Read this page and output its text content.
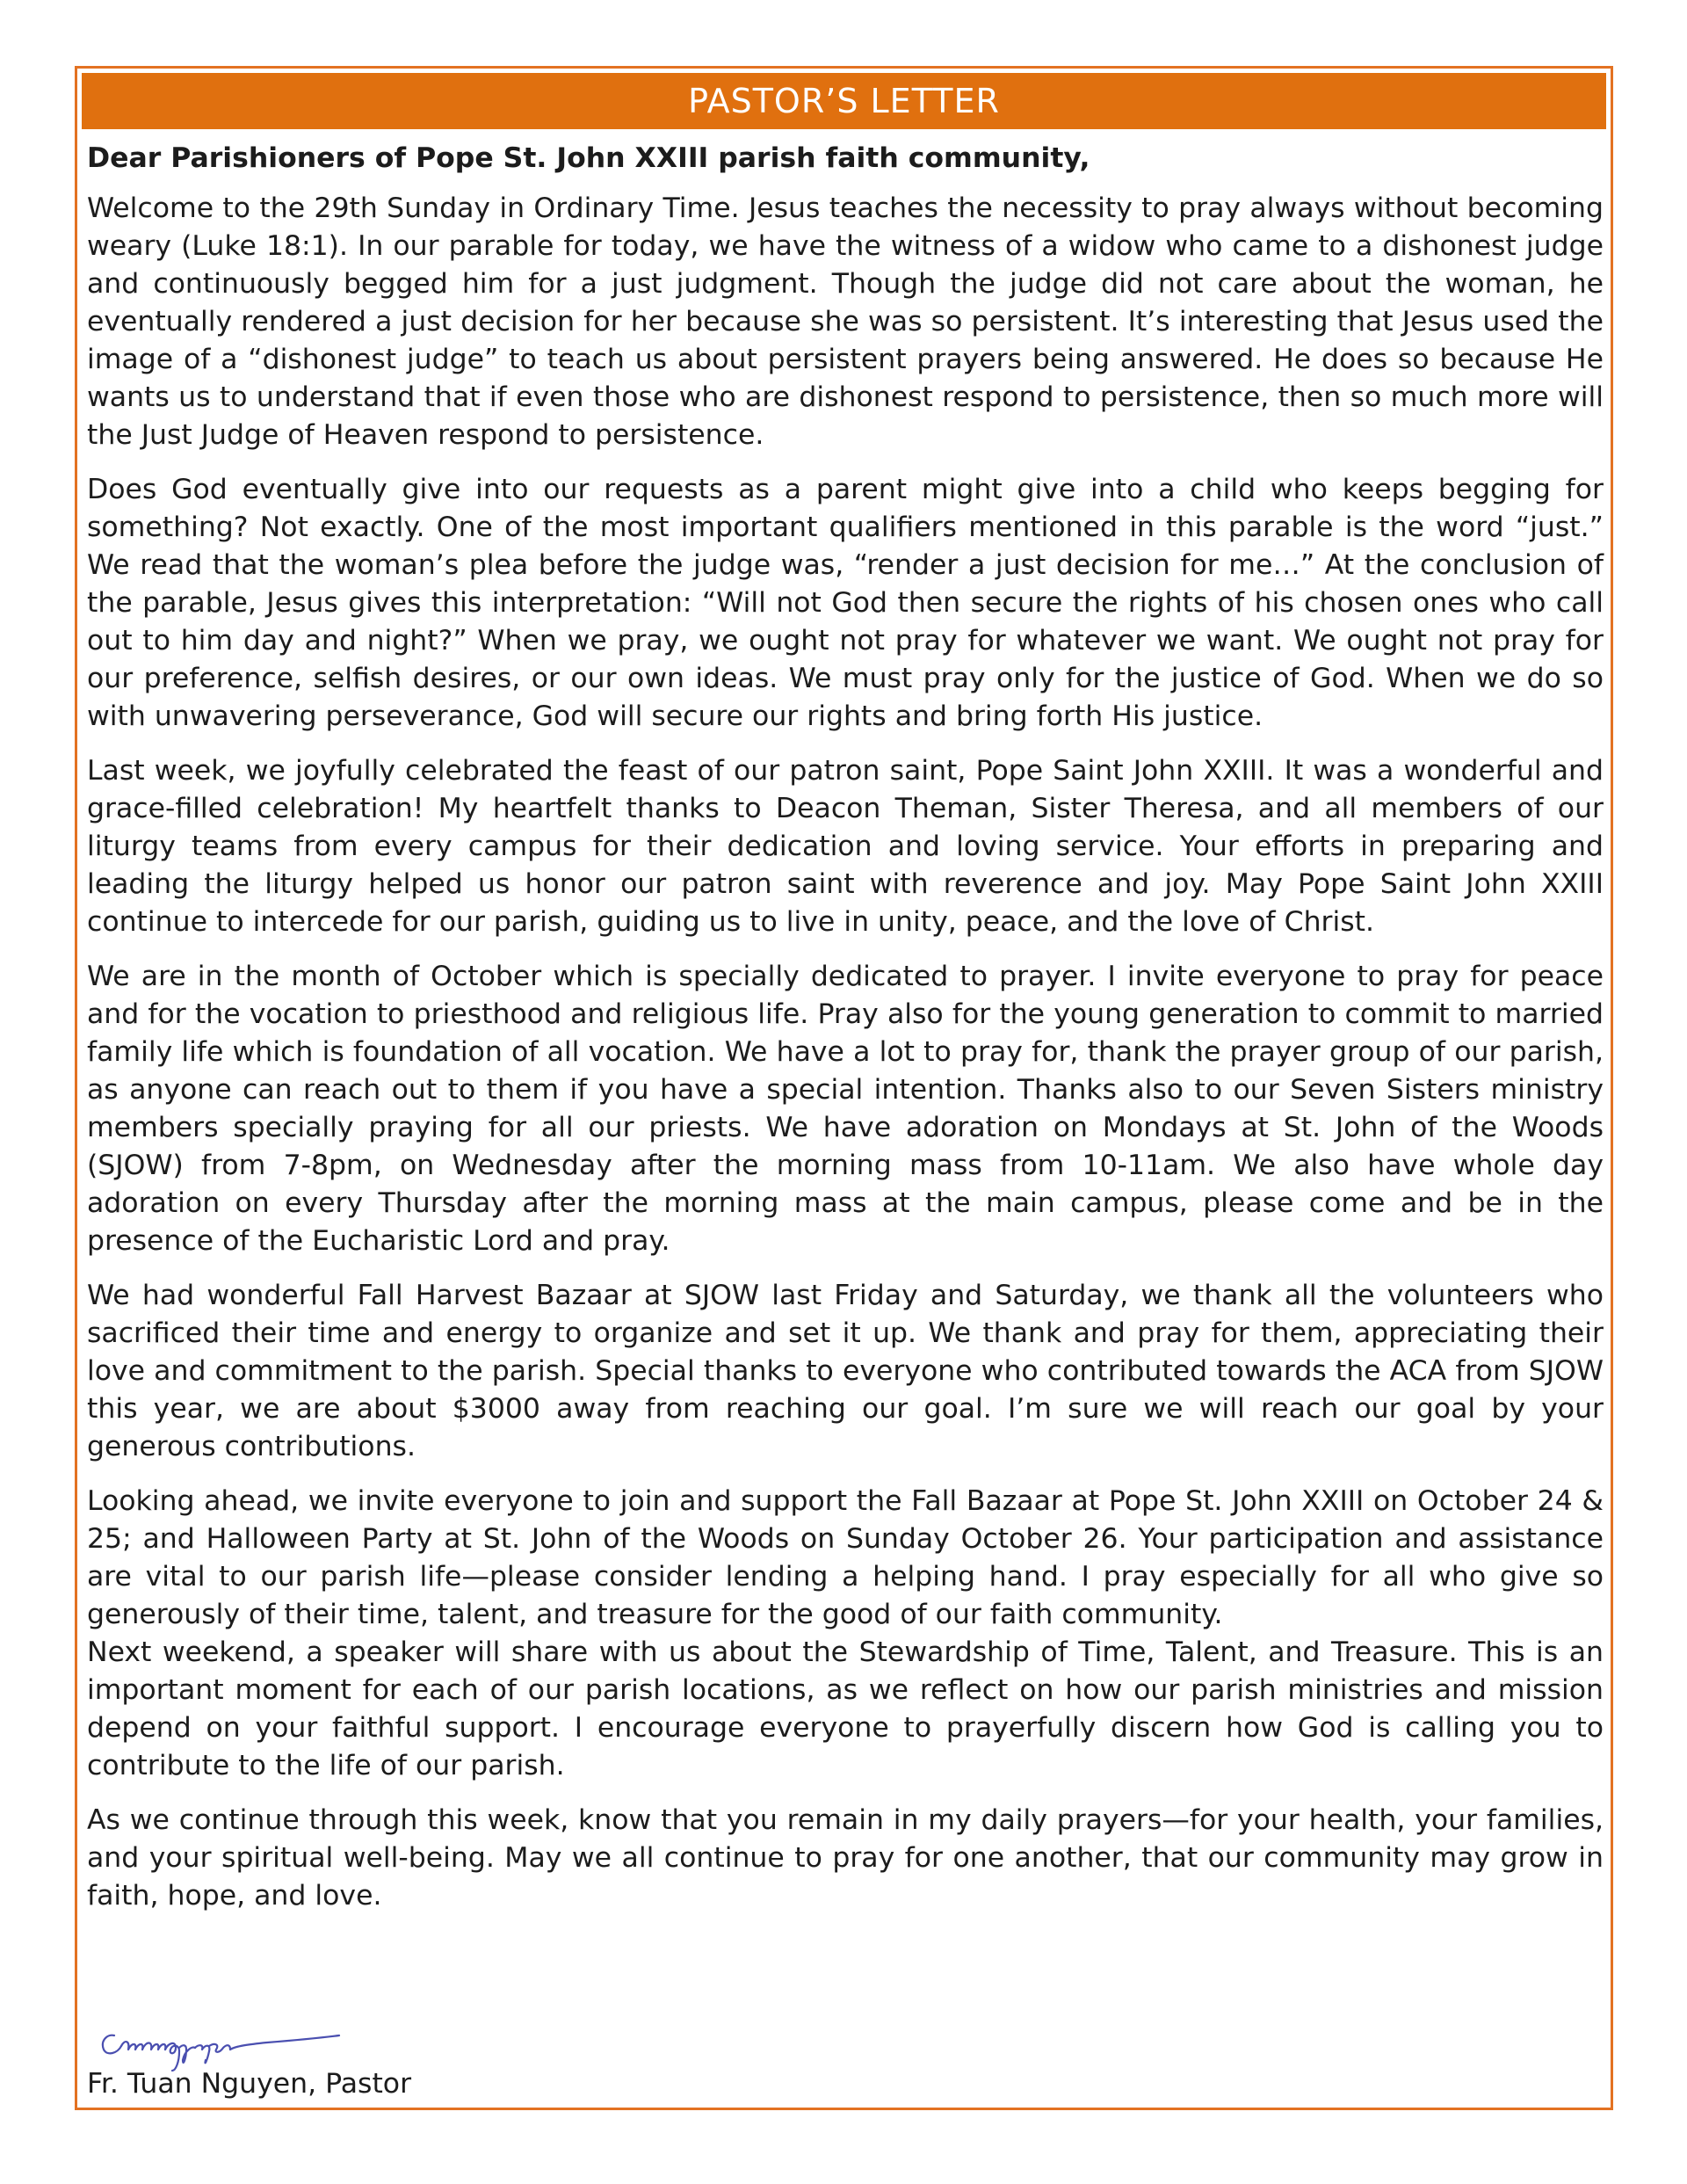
PASTOR’S LETTER
Dear Parishioners of Pope St. John XXIII parish faith community,

Welcome to the 29th Sunday in Ordinary Time. Jesus teaches the necessity to pray always without becoming weary (Luke 18:1). In our parable for today, we have the witness of a widow who came to a dishonest judge and continuously begged him for a just judgment. Though the judge did not care about the woman, he eventually rendered a just decision for her because she was so persistent. It’s interesting that Jesus used the image of a “dishonest judge” to teach us about persistent prayers being answered. He does so because He wants us to understand that if even those who are dishonest respond to persistence, then so much more will the Just Judge of Heaven respond to persistence.

Does God eventually give into our requests as a parent might give into a child who keeps begging for something? Not exactly. One of the most important qualifiers mentioned in this parable is the word “just.” We read that the woman’s plea before the judge was, “render a just decision for me…” At the conclusion of the parable, Jesus gives this interpretation: “Will not God then secure the rights of his chosen ones who call out to him day and night?” When we pray, we ought not pray for whatever we want. We ought not pray for our preference, selfish desires, or our own ideas. We must pray only for the justice of God. When we do so with unwavering perseverance, God will secure our rights and bring forth His justice.

Last week, we joyfully celebrated the feast of our patron saint, Pope Saint John XXIII. It was a wonderful and grace-filled celebration! My heartfelt thanks to Deacon Theman, Sister Theresa, and all members of our liturgy teams from every campus for their dedication and loving service. Your efforts in preparing and leading the liturgy helped us honor our patron saint with reverence and joy. May Pope Saint John XXIII continue to intercede for our parish, guiding us to live in unity, peace, and the love of Christ.

We are in the month of October which is specially dedicated to prayer. I invite everyone to pray for peace and for the vocation to priesthood and religious life. Pray also for the young generation to commit to married family life which is foundation of all vocation. We have a lot to pray for, thank the prayer group of our parish, as anyone can reach out to them if you have a special intention. Thanks also to our Seven Sisters ministry members specially praying for all our priests. We have adoration on Mondays at St. John of the Woods (SJOW) from 7-8pm, on Wednesday after the morning mass from 10-11am. We also have whole day adoration on every Thursday after the morning mass at the main campus, please come and be in the presence of the Eucharistic Lord and pray.

We had wonderful Fall Harvest Bazaar at SJOW last Friday and Saturday, we thank all the volunteers who sacrificed their time and energy to organize and set it up. We thank and pray for them, appreciating their love and commitment to the parish. Special thanks to everyone who contributed towards the ACA from SJOW this year, we are about $3000 away from reaching our goal. I’m sure we will reach our goal by your generous contributions.

Looking ahead, we invite everyone to join and support the Fall Bazaar at Pope St. John XXIII on October 24 & 25; and Halloween Party at St. John of the Woods on Sunday October 26. Your participation and assistance are vital to our parish life—please consider lending a helping hand. I pray especially for all who give so generously of their time, talent, and treasure for the good of our faith community.

Next weekend, a speaker will share with us about the Stewardship of Time, Talent, and Treasure. This is an important moment for each of our parish locations, as we reflect on how our parish ministries and mission depend on your faithful support. I encourage everyone to prayerfully discern how God is calling you to contribute to the life of our parish.

As we continue through this week, know that you remain in my daily prayers—for your health, your families, and your spiritual well-being. May we all continue to pray for one another, that our community may grow in faith, hope, and love.

Fr. Tuan Nguyen, Pastor
